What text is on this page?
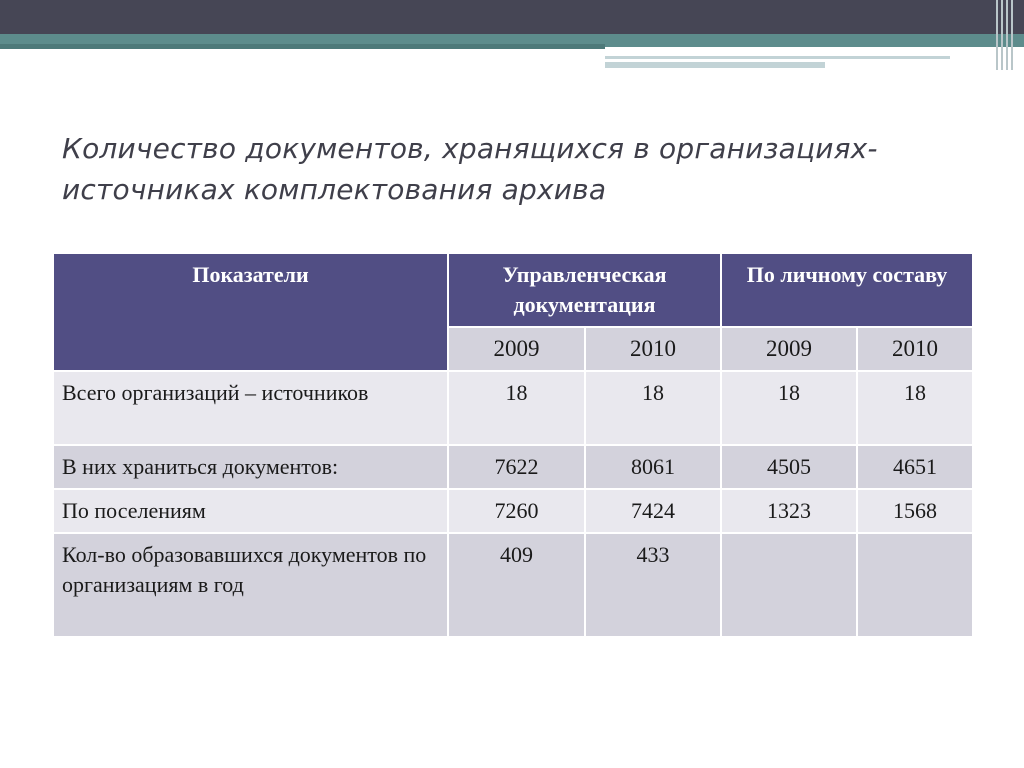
Количество документов, хранящихся в организациях-источниках комплектования архива
Показатели	Управленческая документация		По личному составу	
	2009	2010	2009	2010
Всего организаций – источников	18	18	18	18
В них храниться документов:	7622	8061	4505	4651
По поселениям	7260	7424	1323	1568
Кол-во образовавшихся документов по организациям в год	409	433		
